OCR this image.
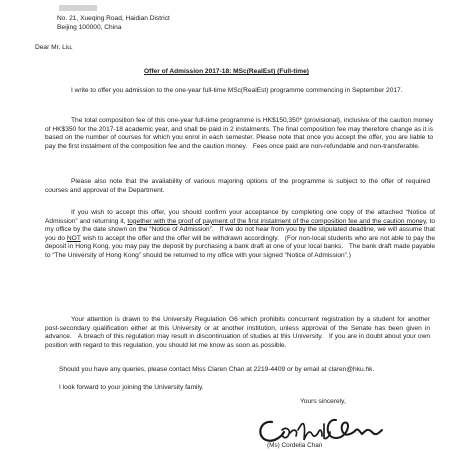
No. 21, Xueqing Road, Haidian District
Beijing 100000, China
Dear Mr. Liu,
Offer of Admission 2017-18: MSc(RealEst) (Full-time)

I write to offer you admission to the one-year full-time MSc(RealEst) programme commencing in September 2017.

The total composition fee of this one-year full-time programme is HK$150,350* (provisional), inclusive of the caution money of HK$350 for the 2017-18 academic year, and shall be paid in 2 instalments. The final composition fee may therefore change as it is based on the number of courses for which you enrol in each semester. Please note that once you accept the offer, you are liable to pay the first instalment of the composition fee and the caution money.   Fees once paid are non-refundable and non-transferable.

Please also note that the availability of various majoring options of the programme is subject to the offer of required courses and approval of the Department.

If you wish to accept this offer, you should confirm your acceptance by completing one copy of the attached “Notice of Admission” and returning it, together with the proof of payment of the first instalment of the composition fee and the caution money, to my office by the date shown on the “Notice of Admission”.   If we do not hear from you by the stipulated deadline, we will assume that you do NOT wish to accept the offer and the offer will be withdrawn accordingly.   (For non-local students who are not able to pay the deposit in Hong Kong, you may pay the deposit by purchasing a bank draft at one of your local banks.   The bank draft made payable to “The University of Hong Kong” should be returned to my office with your signed “Notice of Admission”.)

Your attention is drawn to the University Regulation G6 which prohibits concurrent registration by a student for another post-secondary qualification either at this University or at another institution, unless approval of the Senate has been given in advance.   A breach of this regulation may result in discontinuation of studies at this University.   If you are in doubt about your own position with regard to this regulation, you should let me know as soon as possible.

Should you have any queries, please contact Miss Claren Chan at 2219-4409 or by email at claren@hku.hk.
I look forward to your joining the University family.
Yours sincerely,
(Ms) Cordelia Chan
